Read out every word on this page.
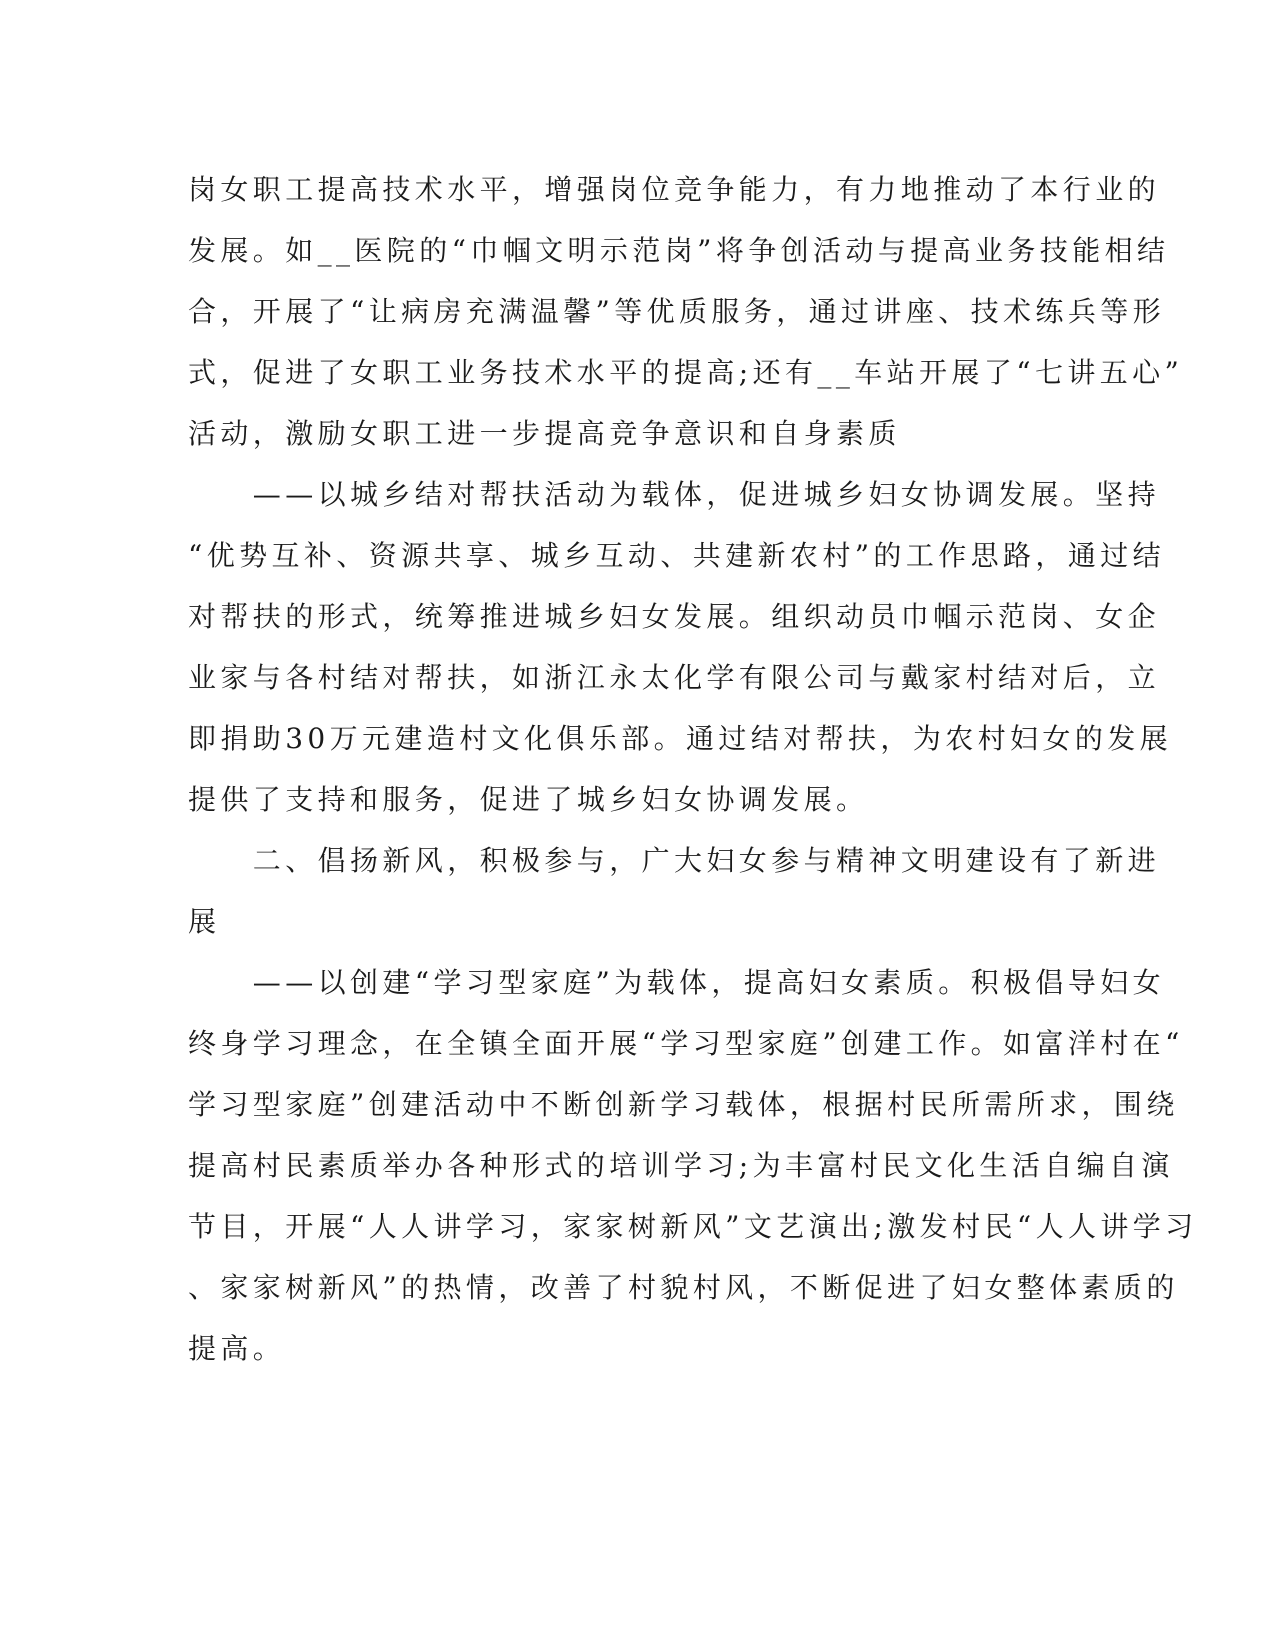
岗女职工提高技术水平，增强岗位竞争能力，有力地推动了本行业的
发展。如__医院的“巾帼文明示范岗”将争创活动与提高业务技能相结
合，开展了“让病房充满温馨”等优质服务，通过讲座、技术练兵等形
式，促进了女职工业务技术水平的提高;还有__车站开展了“七讲五心”
活动，激励女职工进一步提高竞争意识和自身素质
　　——以城乡结对帮扶活动为载体，促进城乡妇女协调发展。坚持
“优势互补、资源共享、城乡互动、共建新农村”的工作思路，通过结
对帮扶的形式，统筹推进城乡妇女发展。组织动员巾帼示范岗、女企
业家与各村结对帮扶，如浙江永太化学有限公司与戴家村结对后，立
即捐助30万元建造村文化俱乐部。通过结对帮扶，为农村妇女的发展
提供了支持和服务，促进了城乡妇女协调发展。
　　二、倡扬新风，积极参与，广大妇女参与精神文明建设有了新进
展
　　——以创建“学习型家庭”为载体，提高妇女素质。积极倡导妇女
终身学习理念，在全镇全面开展“学习型家庭”创建工作。如富洋村在“
学习型家庭”创建活动中不断创新学习载体，根据村民所需所求，围绕
提高村民素质举办各种形式的培训学习;为丰富村民文化生活自编自演
节目，开展“人人讲学习，家家树新风”文艺演出;激发村民“人人讲学习
、家家树新风”的热情，改善了村貌村风，不断促进了妇女整体素质的
提高。
